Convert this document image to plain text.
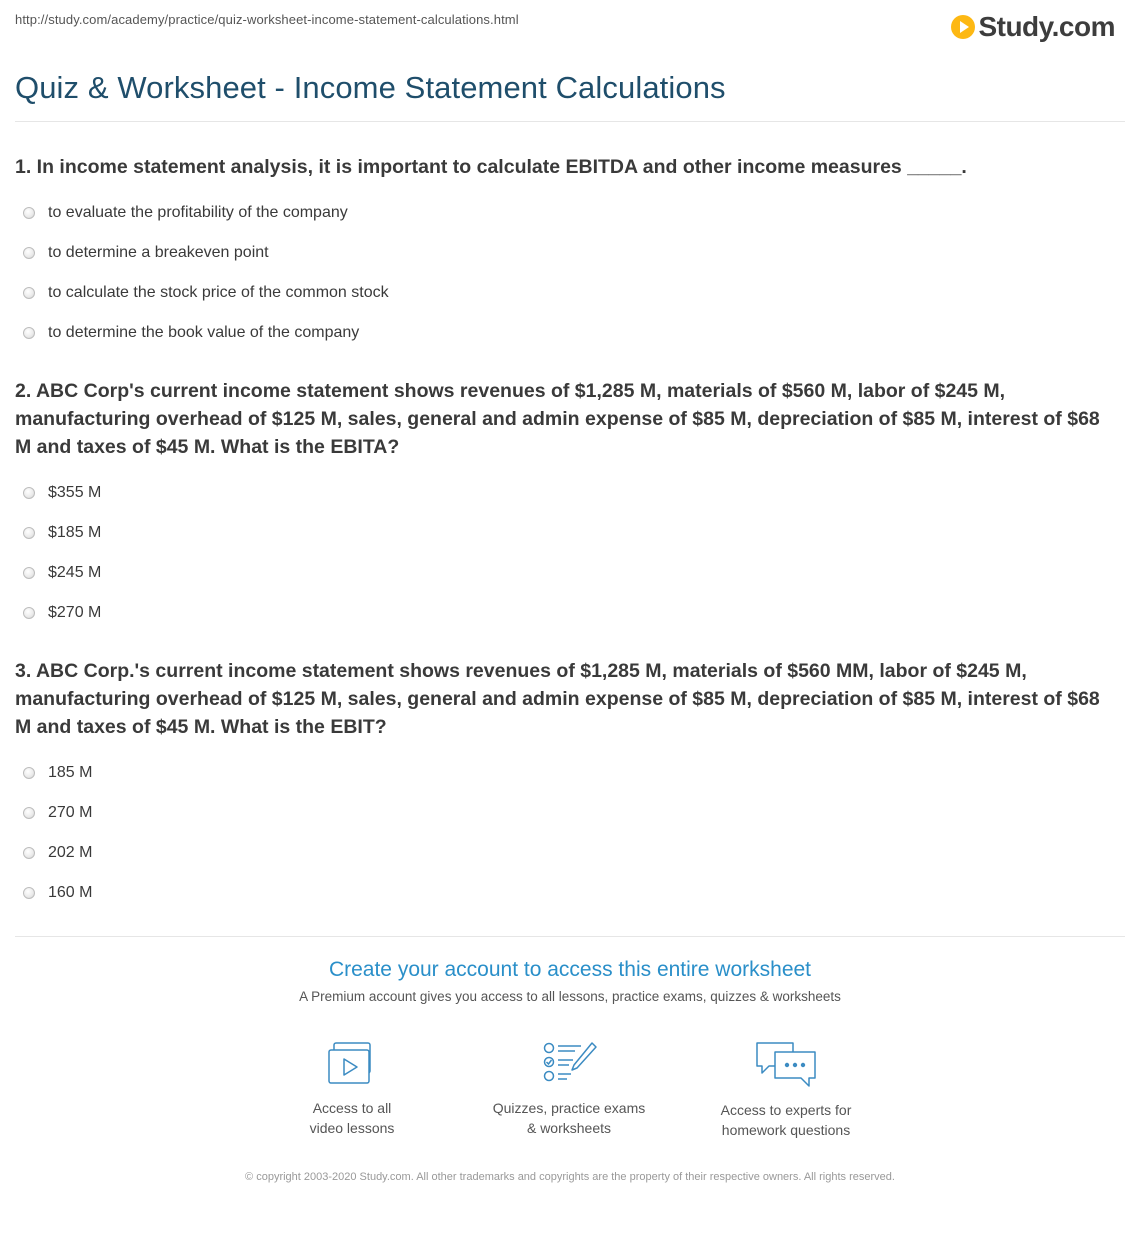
http://study.com/academy/practice/quiz-worksheet-income-statement-calculations.html	Study.com
Quiz & Worksheet - Income Statement Calculations
1. In income statement analysis, it is important to calculate EBITDA and other income measures _____.
to evaluate the profitability of the company
to determine a breakeven point
to calculate the stock price of the common stock
to determine the book value of the company
2. ABC Corp's current income statement shows revenues of $1,285 M, materials of $560 M, labor of $245 M, manufacturing overhead of $125 M, sales, general and admin expense of $85 M, depreciation of $85 M, interest of $68 M and taxes of $45 M. What is the EBITA?
$355 M
$185 M
$245 M
$270 M
3. ABC Corp.'s current income statement shows revenues of $1,285 M, materials of $560 MM, labor of $245 M, manufacturing overhead of $125 M, sales, general and admin expense of $85 M, depreciation of $85 M, interest of $68 M and taxes of $45 M. What is the EBIT?
185 M
270 M
202 M
160 M
Create your account to access this entire worksheet
A Premium account gives you access to all lessons, practice exams, quizzes & worksheets
Access to all
video lessons
Quizzes, practice exams
& worksheets
Access to experts for
homework questions
© copyright 2003-2020 Study.com. All other trademarks and copyrights are the property of their respective owners. All rights reserved.
